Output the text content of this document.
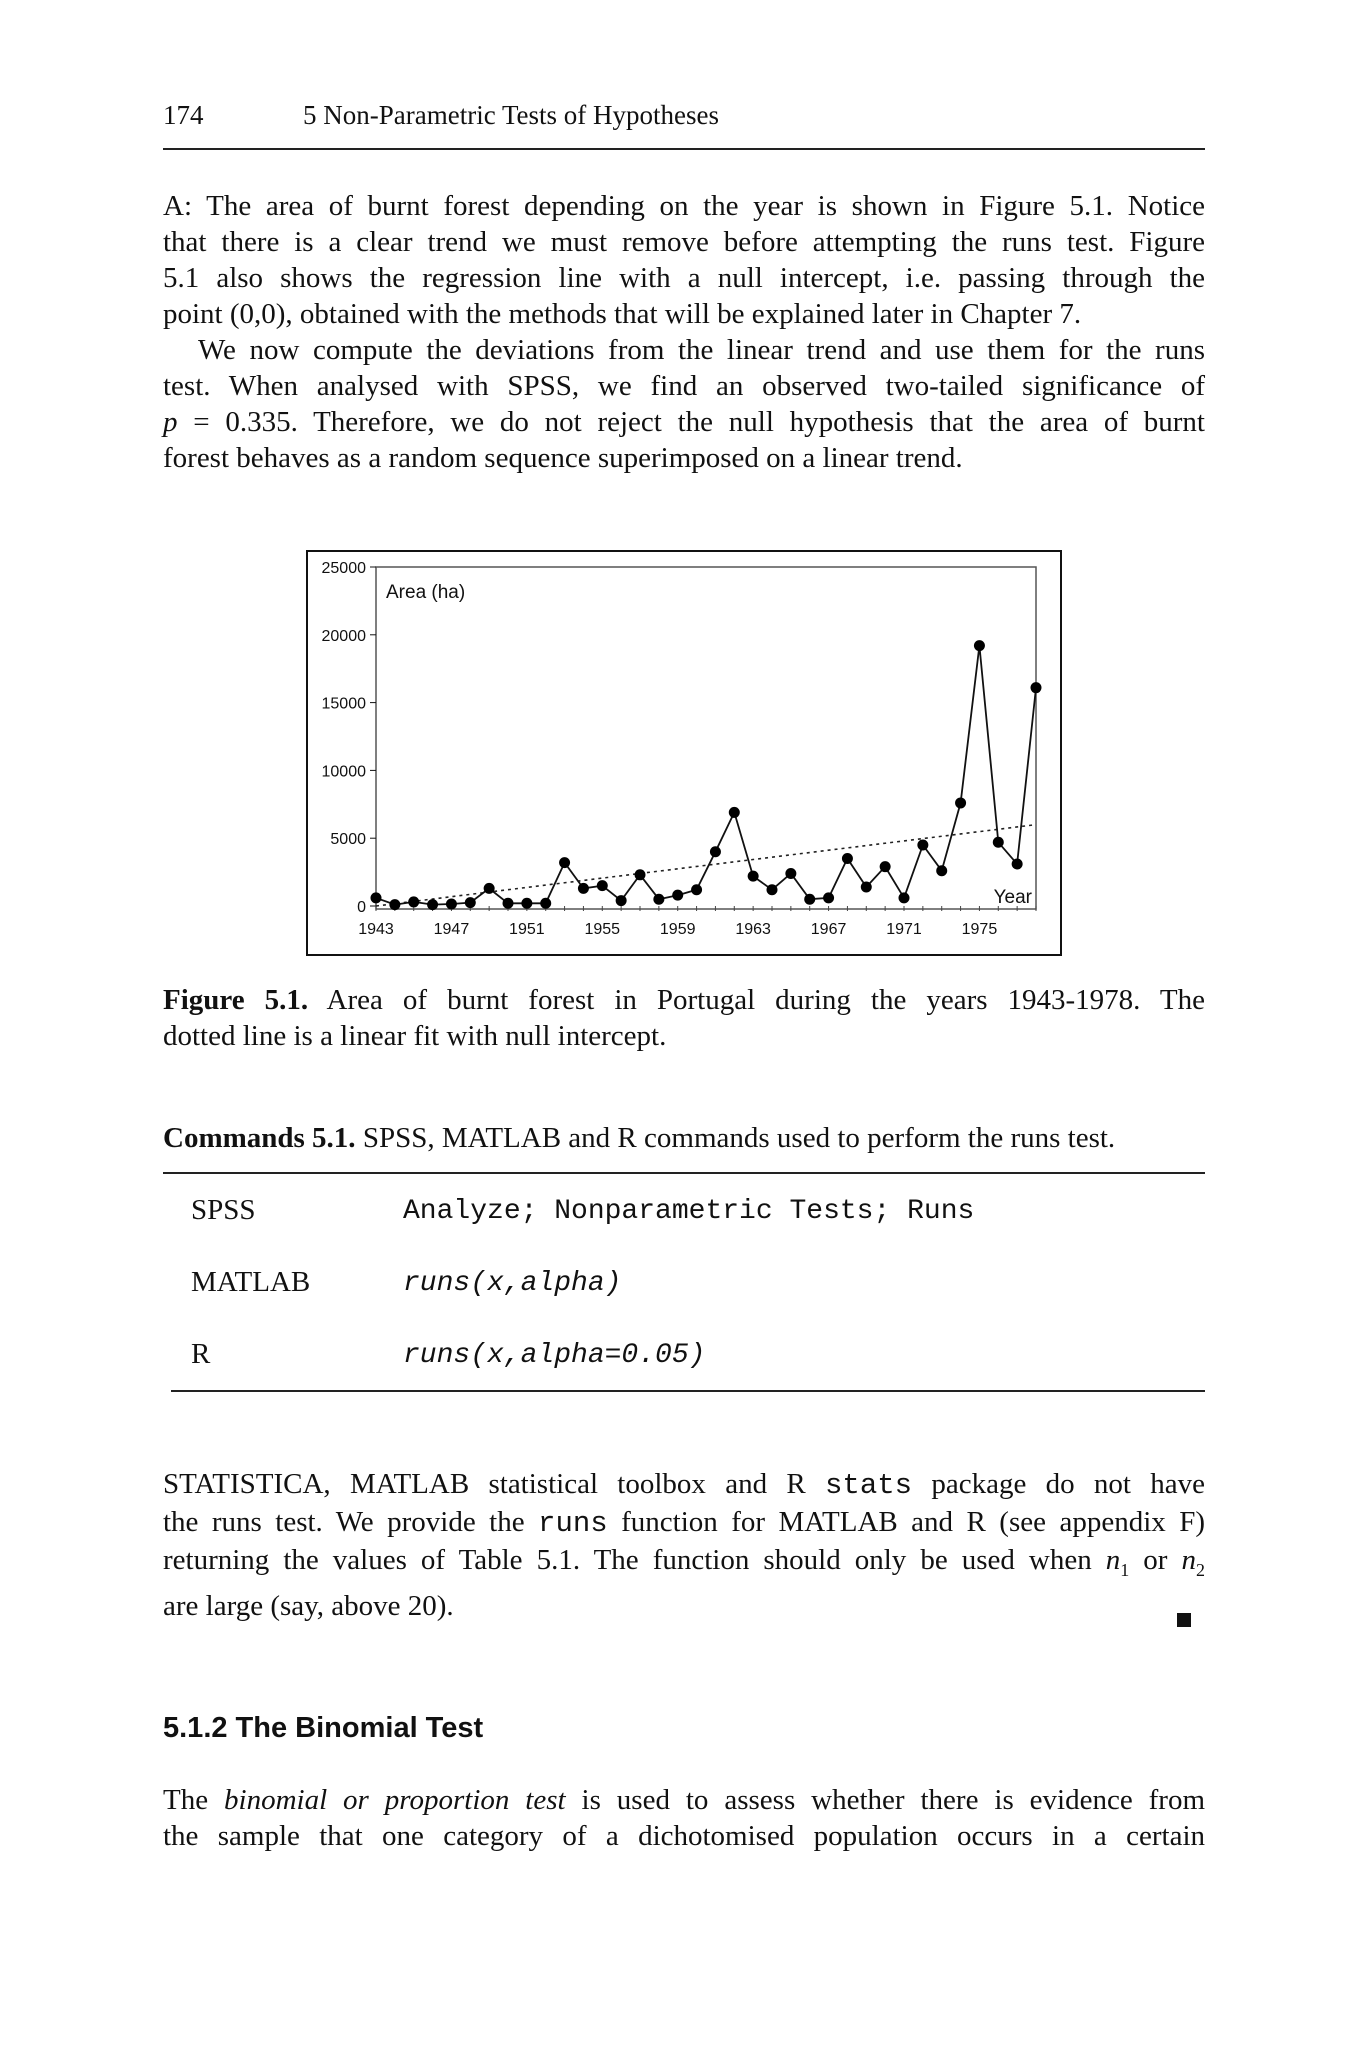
174	5 Non-Parametric Tests of Hypotheses
A: The area of burnt forest depending on the year is shown in Figure 5.1. Notice
that there is a clear trend we must remove before attempting the runs test. Figure
5.1 also shows the regression line with a null intercept, i.e. passing through the
point (0,0), obtained with the methods that will be explained later in Chapter 7.
We now compute the deviations from the linear trend and use them for the runs
test. When analysed with SPSS, we find an observed two-tailed significance of
p = 0.335. Therefore, we do not reject the null hypothesis that the area of burnt
forest behaves as a random sequence superimposed on a linear trend.
Area (ha)
Year
0
5000
10000
15000
20000
25000
1943 1947 1951 1955 1959 1963 1967 1971 1975
Figure 5.1. Area of burnt forest in Portugal during the years 1943-1978. The
dotted line is a linear fit with null intercept.
Commands 5.1. SPSS, MATLAB and R commands used to perform the runs test.
SPSS	Analyze; Nonparametric Tests; Runs
MATLAB	runs(x,alpha)
R	runs(x,alpha=0.05)
STATISTICA, MATLAB statistical toolbox and R stats package do not have
the runs test. We provide the runs function for MATLAB and R (see appendix F)
returning the values of Table 5.1. The function should only be used when $n_1$ or $n_2$
are large (say, above 20).
5.1.2 The Binomial Test
The binomial or proportion test is used to assess whether there is evidence from
the sample that one category of a dichotomised population occurs in a certain
